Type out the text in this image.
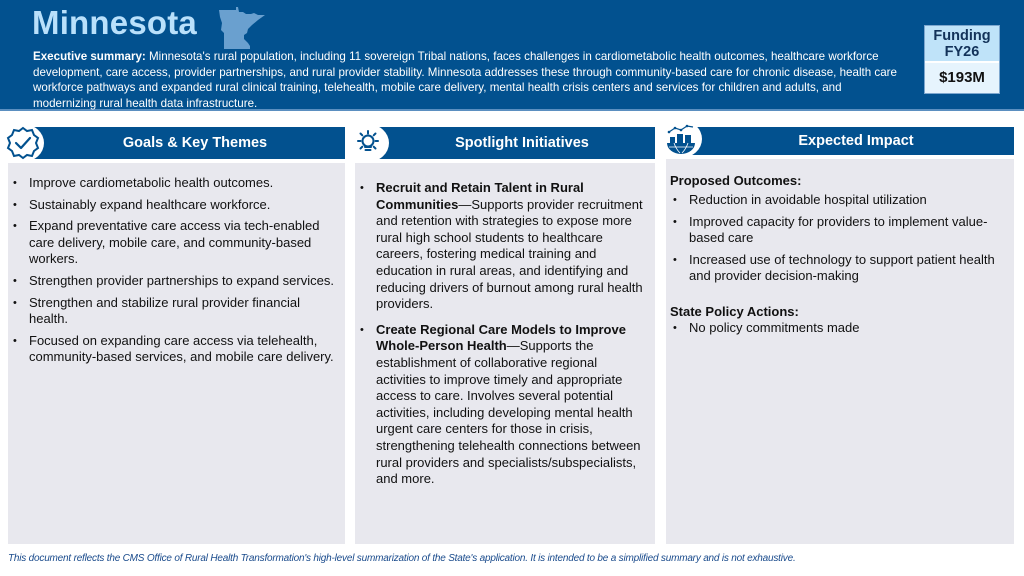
Minnesota
Executive summary: Minnesota's rural population, including 11 sovereign Tribal nations, faces challenges in cardiometabolic health outcomes, healthcare workforce development, care access, provider partnerships, and rural provider stability. Minnesota addresses these through community-based care for chronic disease, health care workforce pathways and expanded rural clinical training, telehealth, mobile care delivery, mental health crisis centers and services for children and adults, and modernizing rural health data infrastructure.
Funding FY26
$193M
Goals & Key Themes
• Improve cardiometabolic health outcomes.
• Sustainably expand healthcare workforce.
• Expand preventative care access via tech-enabled care delivery, mobile care, and community-based workers.
• Strengthen provider partnerships to expand services.
• Strengthen and stabilize rural provider financial health.
• Focused on expanding care access via telehealth, community-based services, and mobile care delivery.
Spotlight Initiatives
• Recruit and Retain Talent in Rural Communities—Supports provider recruitment and retention with strategies to expose more rural high school students to healthcare careers, fostering medical training and education in rural areas, and identifying and reducing drivers of burnout among rural health providers.
• Create Regional Care Models to Improve Whole-Person Health—Supports the establishment of collaborative regional activities to improve timely and appropriate access to care. Involves several potential activities, including developing mental health urgent care centers for those in crisis, strengthening telehealth connections between rural providers and specialists/subspecialists, and more.
Expected Impact
Proposed Outcomes:
• Reduction in avoidable hospital utilization
• Improved capacity for providers to implement value-based care
• Increased use of technology to support patient health and provider decision-making
State Policy Actions:
• No policy commitments made
This document reflects the CMS Office of Rural Health Transformation's high-level summarization of the State's application. It is intended to be a simplified summary and is not exhaustive.
